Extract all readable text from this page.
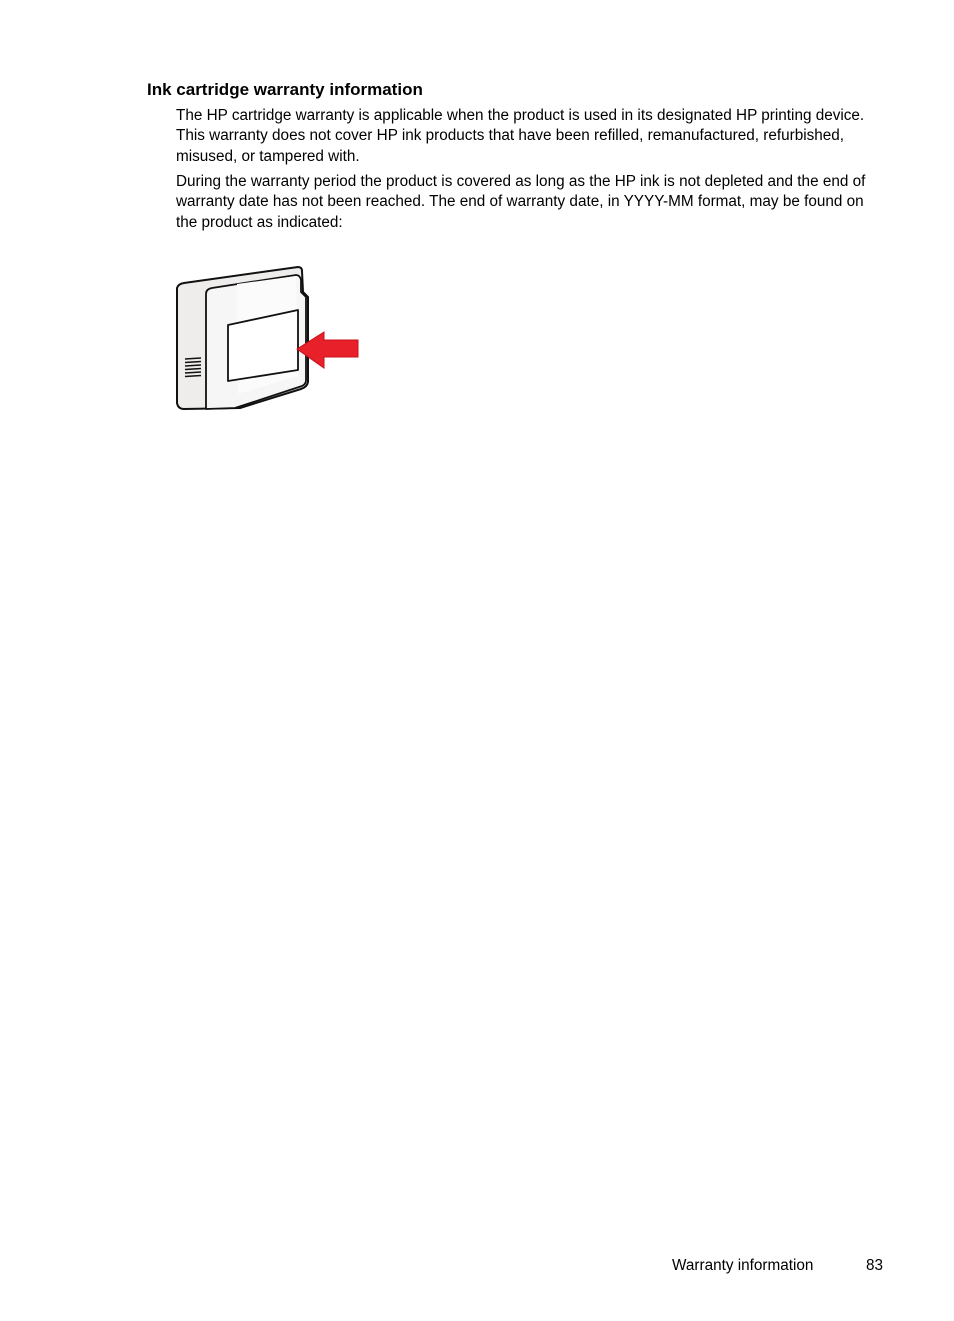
Ink cartridge warranty information

The HP cartridge warranty is applicable when the product is used in its designated HP printing device. This warranty does not cover HP ink products that have been refilled, remanufactured, refurbished, misused, or tampered with.

During the warranty period the product is covered as long as the HP ink is not depleted and the end of warranty date has not been reached. The end of warranty date, in YYYY-MM format, may be found on the product as indicated:

Warranty information	83
